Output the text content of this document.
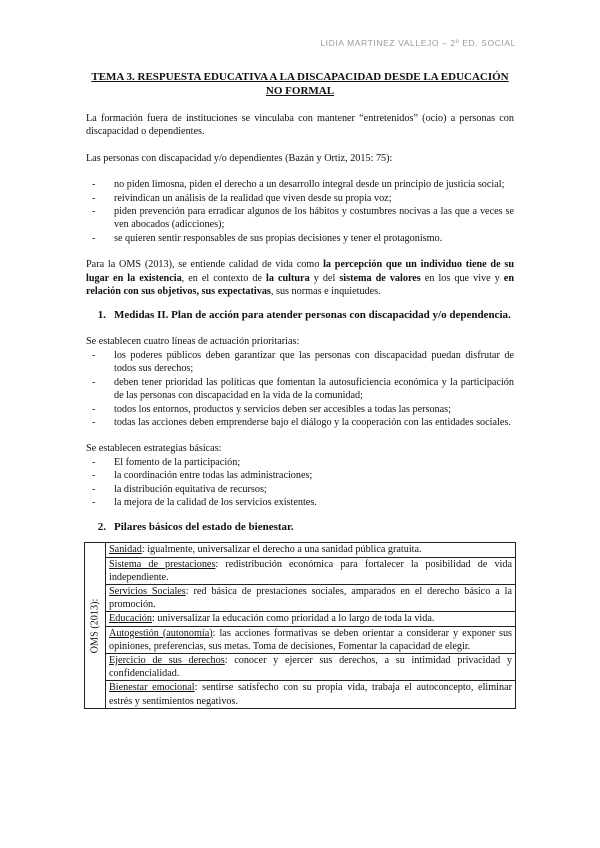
LIDIA MARTINEZ VALLEJO – 2º ED. SOCIAL

TEMA 3. RESPUESTA EDUCATIVA A LA DISCAPACIDAD DESDE LA EDUCACIÓN NO FORMAL

La formación fuera de instituciones se vinculaba con mantener “entretenidos” (ocio) a personas con discapacidad o dependientes.

Las personas con discapacidad y/o dependientes (Bazán y Ortiz, 2015: 75):

- no piden limosna, piden el derecho a un desarrollo integral desde un principio de justicia social;
- reivindican un análisis de la realidad que viven desde su propia voz;
- piden prevención para erradicar algunos de los hábitos y costumbres nocivas a las que a veces se ven abocados (adicciones);
- se quieren sentir responsables de sus propias decisiones y tener el protagonismo.

Para la OMS (2013), se entiende calidad de vida como la percepción que un individuo tiene de su lugar en la existencia, en el contexto de la cultura y del sistema de valores en los que vive y en relación con sus objetivos, sus expectativas, sus normas e inquietudes.

1. Medidas II. Plan de acción para atender personas con discapacidad y/o dependencia.

Se establecen cuatro líneas de actuación prioritarias:

- los poderes públicos deben garantizar que las personas con discapacidad puedan disfrutar de todos sus derechos;
- deben tener prioridad las políticas que fomentan la autosuficiencia económica y la participación de las personas con discapacidad en la vida de la comunidad;
- todos los entornos, productos y servicios deben ser accesibles a todas las personas;
- todas las acciones deben emprenderse bajo el diálogo y la cooperación con las entidades sociales.

Se establecen estrategias básicas:

- El fomento de la participación;
- la coordinación entre todas las administraciones;
- la distribución equitativa de recursos;
- la mejora de la calidad de los servicios existentes.
2. Pilares básicos del estado de bienestar.
OMS (2013):
	Sanidad: igualmente, universalizar el derecho a una sanidad pública gratuita.
Sistema de prestaciones: redistribución económica para fortalecer la posibilidad de vida independiente.
Servicios Sociales: red básica de prestaciones sociales, amparados en el derecho básico a la promoción.
Educación: universalizar la educación como prioridad a lo largo de toda la vida.
Autogestión (autonomía): las acciones formativas se deben orientar a considerar y exponer sus opiniones, preferencias, sus metas. Toma de decisiones, Fomentar la capacidad de elegir.
Ejercicio de sus derechos: conocer y ejercer sus derechos, a su intimidad privacidad y confidencialidad.
Bienestar emocional: sentirse satisfecho con su propia vida, trabaja el autoconcepto, eliminar estrés y sentimientos negativos.
